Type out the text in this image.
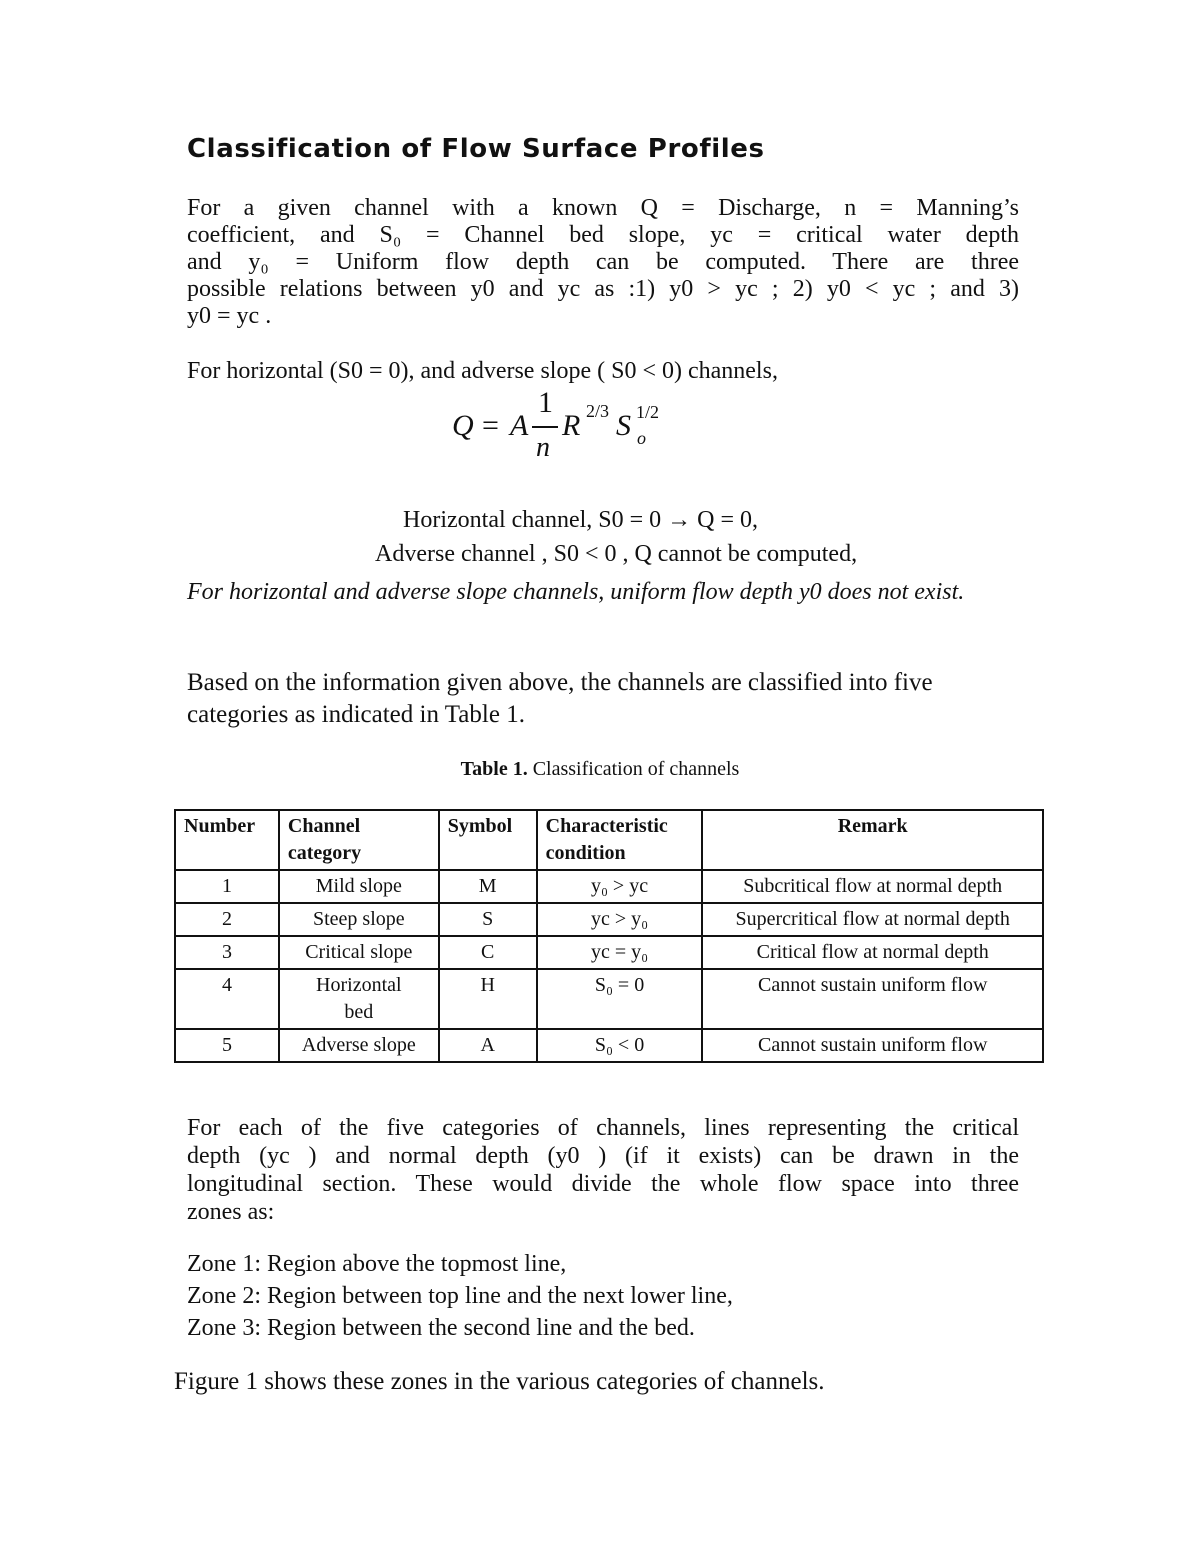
Classification of Flow Surface Profiles

For a given channel with a known Q = Discharge, n = Manning’s
coefficient, and S₀ = Channel bed slope, yc = critical water depth
and y₀ = Uniform flow depth can be computed. There are three
possible relations between y0 and yc as :1) y0 > yc ; 2) y0 < yc ; and 3)
y0 = yc .

For horizontal (S0 = 0), and adverse slope ( S0 < 0) channels,

Q = A
1
n
R 2/3 S 1/2
o

Horizontal channel, S0 = 0 → Q = 0,

Adverse channel , S0 < 0 , Q cannot be computed,

For horizontal and adverse slope channels, uniform flow depth y0 does not exist.

Based on the information given above, the channels are classified into five categories as indicated in Table 1.

Table 1. Classification of channels

Number	Channel category	Symbol	Characteristic condition	Remark
1	Mild slope	M	y₀ > yc	Subcritical flow at normal depth
2	Steep slope	S	yc > y₀	Supercritical flow at normal depth
3	Critical slope	C	yc = y₀	Critical flow at normal depth
4	Horizontal bed	H	S₀ = 0	Cannot sustain uniform flow
5	Adverse slope	A	S₀ < 0	Cannot sustain uniform flow

For each of the five categories of channels, lines representing the critical
depth (yc ) and normal depth (y0 ) (if it exists) can be drawn in the
longitudinal section. These would divide the whole flow space into three
zones as:

Zone 1: Region above the topmost line,

Zone 2: Region between top line and the next lower line,

Zone 3: Region between the second line and the bed.

Figure 1 shows these zones in the various categories of channels.
